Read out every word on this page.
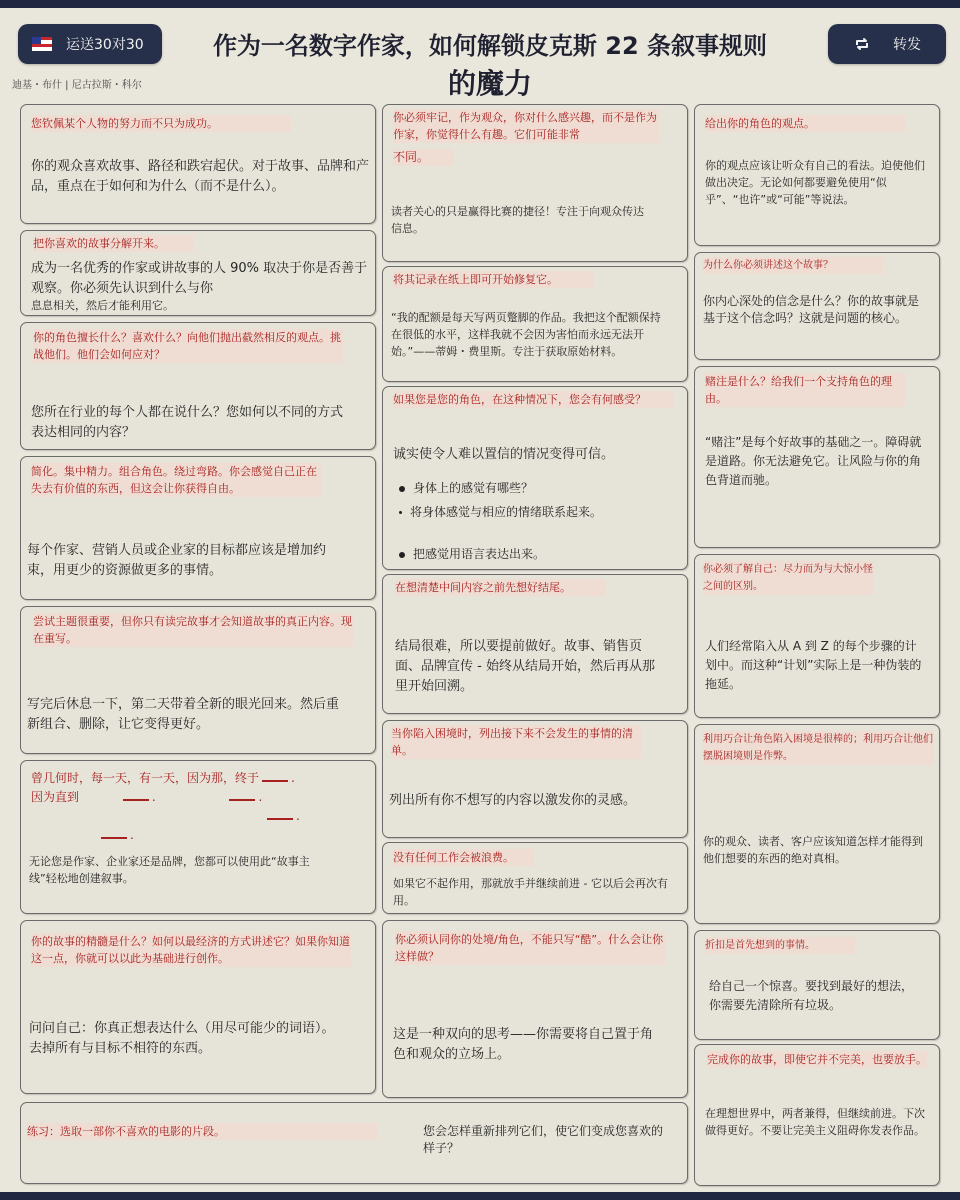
运送30对30	转发
作为一名数字作家，如何解锁皮克斯 22 条叙事规则
的魔力
迪基・布什 | 尼古拉斯・科尔
您钦佩某个人物的努力而不只为成功。
你的观众喜欢故事、路径和跌宕起伏。对于故事、品牌和产品，重点在于如何和为什么（而不是什么）。
把你喜欢的故事分解开来。
成为一名优秀的作家或讲故事的人 90% 取决于你是否善于观察。你必须先认识到什么与你
息息相关，然后才能利用它。
你的角色擅长什么？喜欢什么？向他们抛出截然相反的观点。挑战他们。他们会如何应对？
您所在行业的每个人都在说什么？您如何以不同的方式表达相同的内容？
简化。集中精力。组合角色。绕过弯路。你会感觉自己正在失去有价值的东西，但这会让你获得自由。
每个作家、营销人员或企业家的目标都应该是增加约束，用更少的资源做更多的事情。
尝试主题很重要，但你只有读完故事才会知道故事的真正内容。现在重写。
写完后休息一下，第二天带着全新的眼光回来。然后重新组合、删除，让它变得更好。
曾几何时，每一天，有一天，因为那，终于	.
因为直到	.	.
.
.
无论您是作家、企业家还是品牌，您都可以使用此“故事主线”轻松地创建叙事。
你的故事的精髓是什么？如何以最经济的方式讲述它？如果你知道这一点，你就可以以此为基础进行创作。
问问自己：你真正想表达什么（用尽可能少的词语）。去掉所有与目标不相符的东西。
你必须牢记，作为观众，你对什么感兴趣，而不是作为作家，你觉得什么有趣。它们可能非常
不同。
读者关心的只是赢得比赛的捷径！专注于向观众传达信息。
将其记录在纸上即可开始修复它。
“我的配额是每天写两页蹩脚的作品。我把这个配额保持在很低的水平，这样我就不会因为害怕而永远无法开始。”——蒂姆・费里斯。专注于获取原始材料。
如果您是您的角色，在这种情况下，您会有何感受？
诚实使令人难以置信的情况变得可信。
身体上的感觉有哪些？
将身体感觉与相应的情绪联系起来。
把感觉用语言表达出来。
在想清楚中间内容之前先想好结尾。
结局很难，所以要提前做好。故事、销售页面、品牌宣传 - 始终从结局开始，然后再从那里开始回溯。
当你陷入困境时，列出接下来不会发生的事情的清单。
列出所有你不想写的内容以激发你的灵感。
没有任何工作会被浪费。
如果它不起作用，那就放手并继续前进 - 它以后会再次有用。
你必须认同你的处境/角色，不能只写“酷”。什么会让你这样做？
这是一种双向的思考——你需要将自己置于角色和观众的立场上。
给出你的角色的观点。
你的观点应该让听众有自己的看法。迫使他们做出决定。无论如何都要避免使用“似乎”、“也许”或“可能”等说法。
为什么你必须讲述这个故事？
你内心深处的信念是什么？你的故事就是基于这个信念吗？这就是问题的核心。
赌注是什么？给我们一个支持角色的理由。
“赌注”是每个好故事的基础之一。障碍就是道路。你无法避免它。让风险与你的角色背道而驰。
你必须了解自己：尽力而为与大惊小怪之间的区别。
人们经常陷入从 A 到 Z 的每个步骤的计划中。而这种“计划”实际上是一种伪装的拖延。
利用巧合让角色陷入困境是很棒的；利用巧合让他们摆脱困境则是作弊。
你的观众、读者、客户应该知道怎样才能得到他们想要的东西的绝对真相。
折扣是首先想到的事情。
给自己一个惊喜。要找到最好的想法，你需要先清除所有垃圾。
完成你的故事，即使它并不完美，也要放手。
在理想世界中，两者兼得，但继续前进。下次做得更好。不要让完美主义阻碍你发表作品。
练习：选取一部你不喜欢的电影的片段。	您会怎样重新排列它们，使它们变成您喜欢的样子？
